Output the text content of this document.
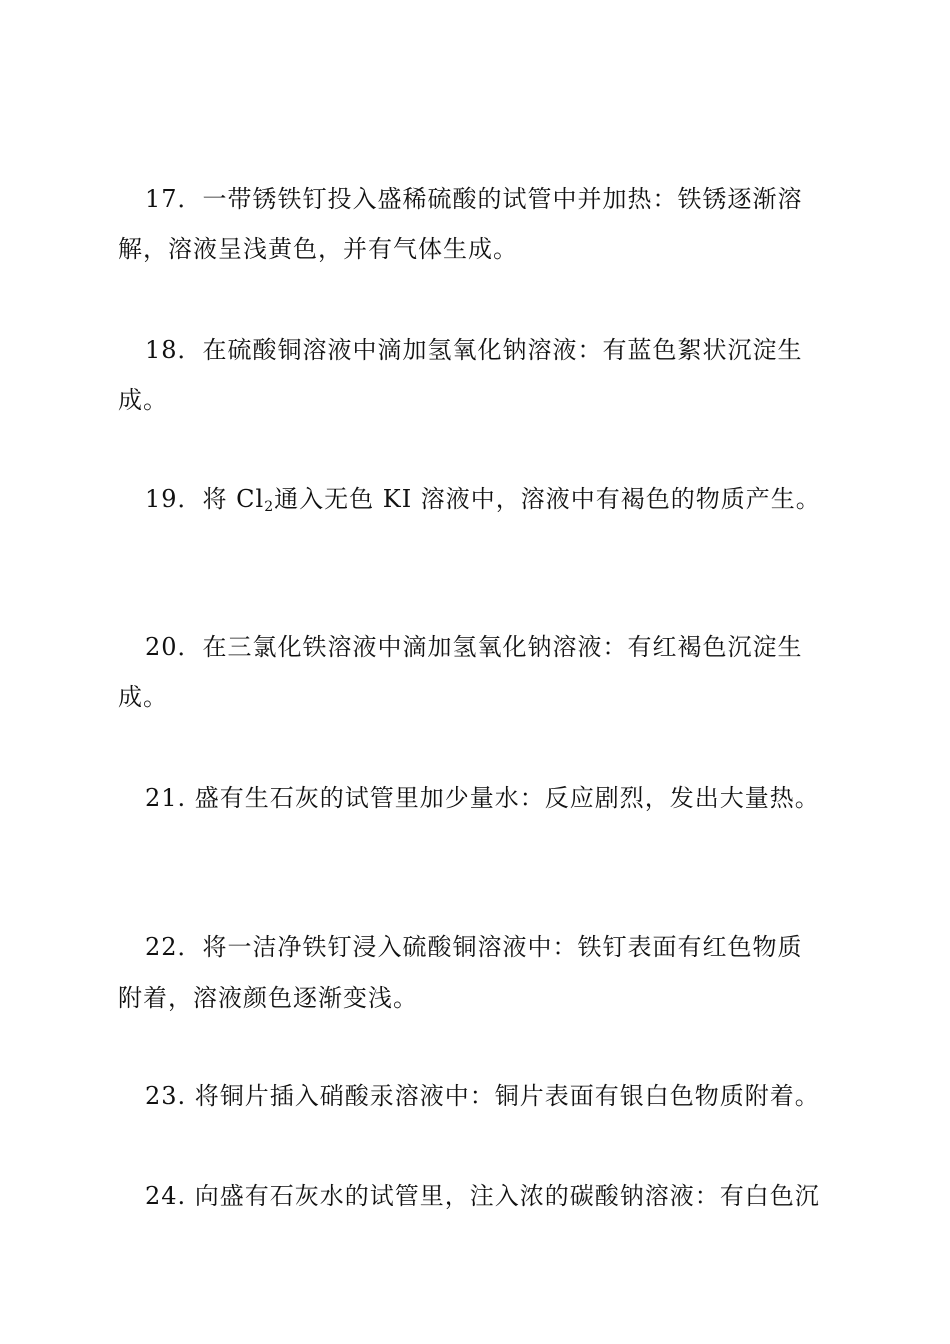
17．一带锈铁钉投入盛稀硫酸的试管中并加热：铁锈逐渐溶
解，溶液呈浅黄色，并有气体生成。
18．在硫酸铜溶液中滴加氢氧化钠溶液：有蓝色絮状沉淀生
成。
19．将 $Cl_2$通入无色 KI 溶液中，溶液中有褐色的物质产生。
20．在三氯化铁溶液中滴加氢氧化钠溶液：有红褐色沉淀生
成。
21. 盛有生石灰的试管里加少量水：反应剧烈，发出大量热。
22．将一洁净铁钉浸入硫酸铜溶液中：铁钉表面有红色物质
附着，溶液颜色逐渐变浅。
23. 将铜片插入硝酸汞溶液中：铜片表面有银白色物质附着。
24. 向盛有石灰水的试管里，注入浓的碳酸钠溶液：有白色沉
